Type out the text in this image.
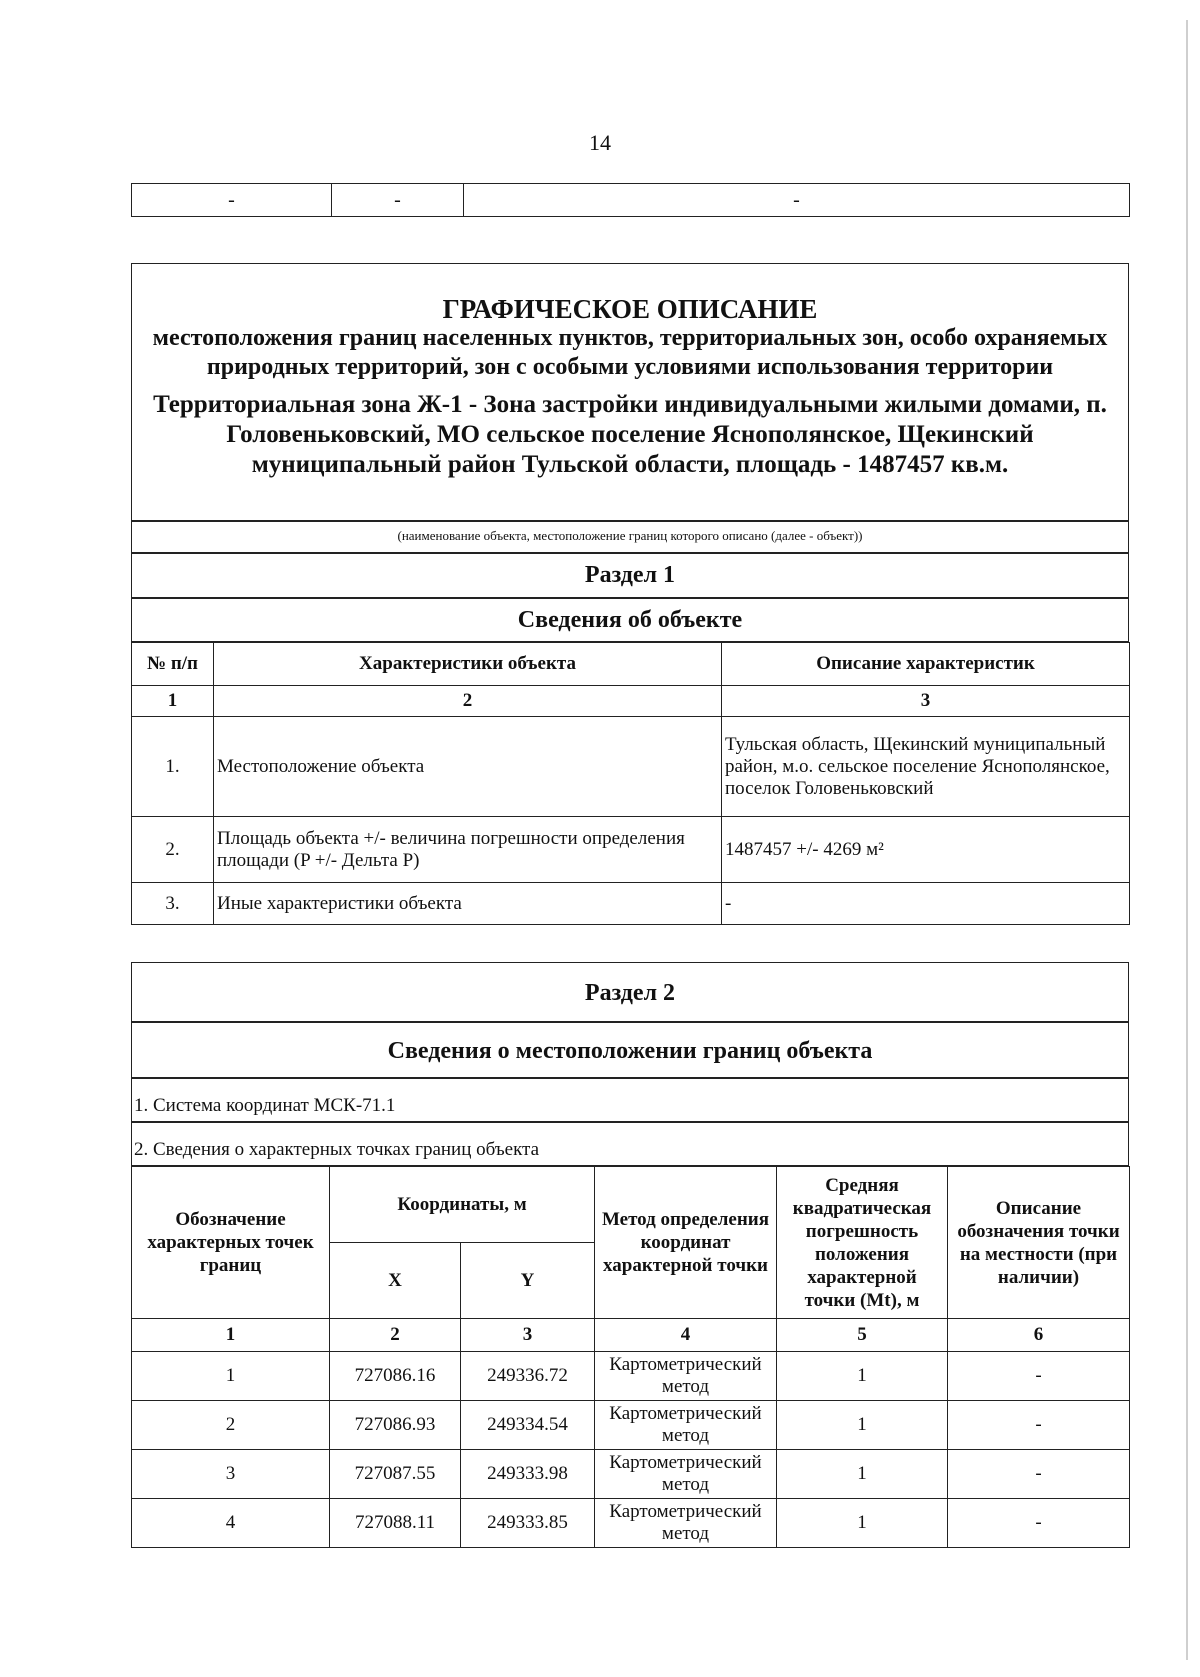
14
-	-	-
ГРАФИЧЕСКОЕ ОПИСАНИЕ
местоположения границ населенных пунктов, территориальных зон, особо охраняемых природных территорий, зон с особыми условиями использования территории
Территориальная зона Ж-1 - Зона застройки индивидуальными жилыми домами, п. Головеньковский, МО сельское поселение Яснополянское, Щекинский муниципальный район Тульской области, площадь - 1487457 кв.м.
(наименование объекта, местоположение границ которого описано (далее - объект))
Раздел 1
Сведения об объекте
№ п/п	Характеристики объекта	Описание характеристик
1	2	3
1.	Местоположение объекта	Тульская область, Щекинский муниципальный район, м.о. сельское поселение Яснополянское, поселок Головеньковский
2.	Площадь объекта +/- величина погрешности определения площади (P +/- Дельта P)	1487457 +/- 4269 м²
3.	Иные характеристики объекта	-
Раздел 2
Сведения о местоположении границ объекта
1. Система координат МСК-71.1
2. Сведения о характерных точках границ объекта
Обозначение характерных точек границ	Координаты, м		Метод определения координат характерной точки	Средняя квадратическая погрешность положения характерной точки (Mt), м	Описание обозначения точки на местности (при наличии)
	X	Y			
1	2	3	4	5	6
1	727086.16	249336.72	Картометрический метод	1	-
2	727086.93	249334.54	Картометрический метод	1	-
3	727087.55	249333.98	Картометрический метод	1	-
4	727088.11	249333.85	Картометрический метод	1	-
